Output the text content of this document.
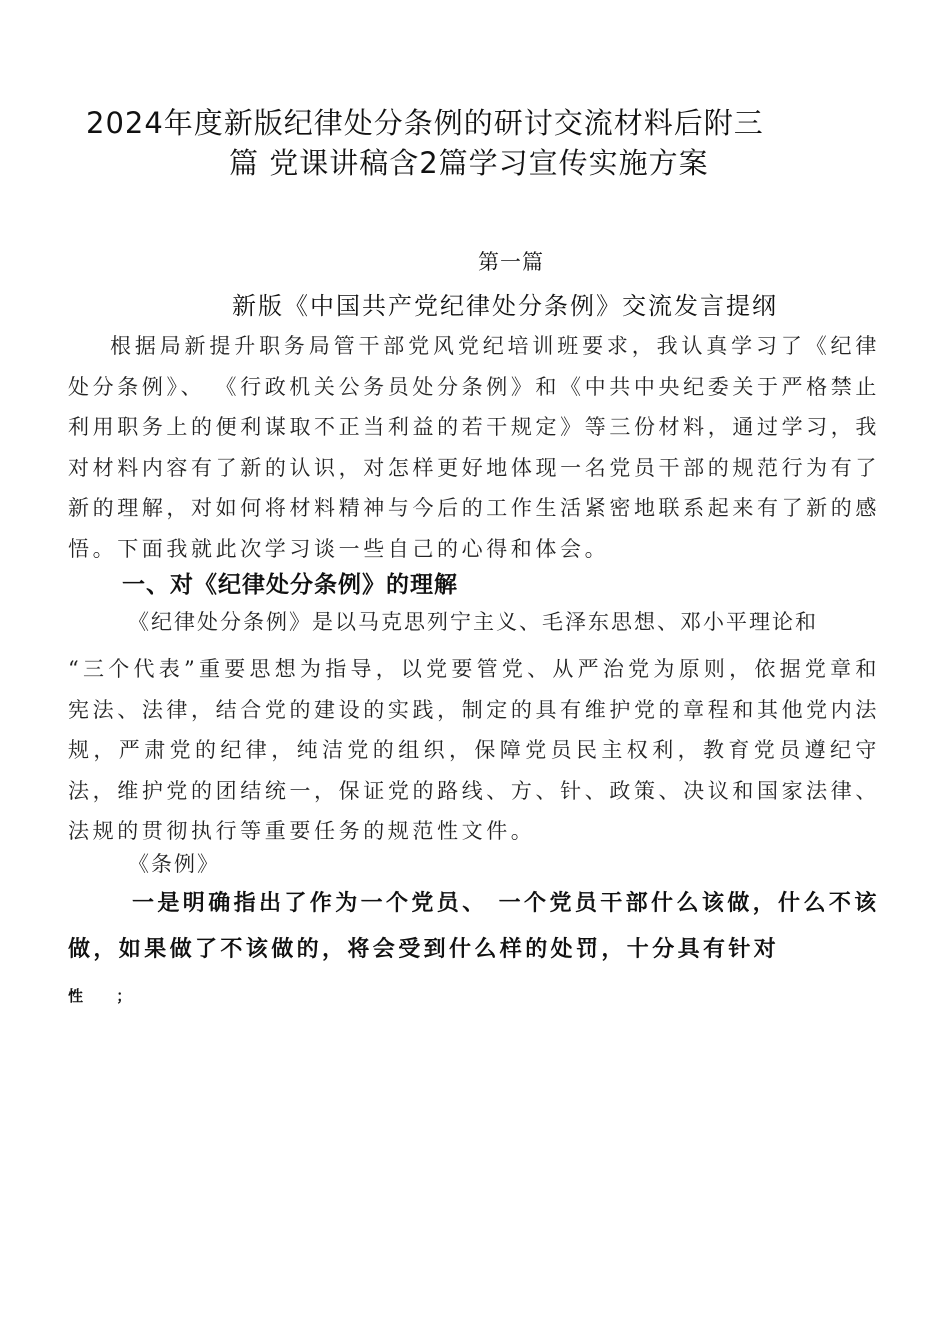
2024年度新版纪律处分条例的研讨交流材料后附三
篇 党课讲稿含2篇学习宣传实施方案
第一篇
新版《中国共产党纪律处分条例》交流发言提纲
根据局新提升职务局管干部党风党纪培训班要求，我认真学习了《纪律处分条例》、 《行政机关公务员处分条例》和《中共中央纪委关于严格禁止利用职务上的便利谋取不正当利益的若干规定》等三份材料，通过学习，我对材料内容有了新的认识，对怎样更好地体现一名党员干部的规范行为有了新的理解，对如何将材料精神与今后的工作生活紧密地联系起来有了新的感悟。下面我就此次学习谈一些自己的心得和体会。
一、对《纪律处分条例》的理解
《纪律处分条例》是以马克思列宁主义、毛泽东思想、邓小平理论和
“三个代表”重要思想为指导，以党要管党、从严治党为原则，依据党章和宪法、法律，结合党的建设的实践，制定的具有维护党的章程和其他党内法规，严肃党的纪律，纯洁党的组织，保障党员民主权利，教育党员遵纪守法，维护党的团结统一，保证党的路线、方、针、政策、决议和国家法律、法规的贯彻执行等重要任务的规范性文件。
《条例》
一是明确指出了作为一个党员、 一个党员干部什么该做，什么不该做，如果做了不该做的，将会受到什么样的处罚，十分具有针对
性 ；
